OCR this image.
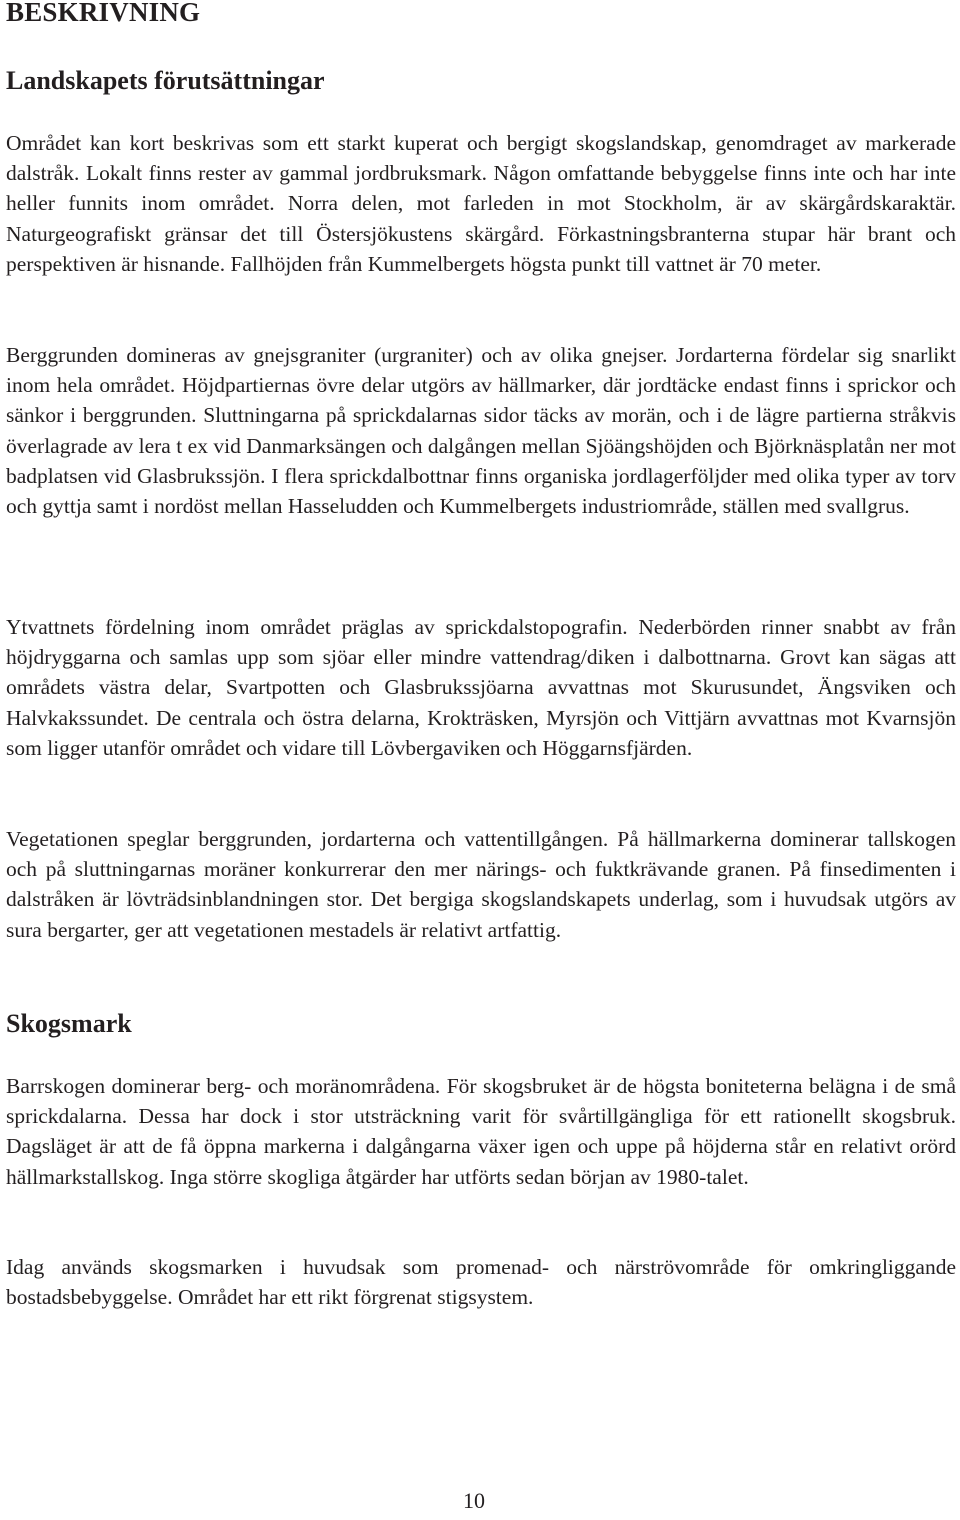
BESKRIVNING
Landskapets förutsättningar

Området kan kort beskrivas som ett starkt kuperat och bergigt skogslandskap, genomdraget av markerade dalstråk. Lokalt finns rester av gammal jordbruksmark. Någon omfattande bebyggelse finns inte och har inte heller funnits inom området. Norra delen, mot farleden in mot Stockholm, är av skärgårdskaraktär. Naturgeografiskt gränsar det till Östersjökustens skärgård. Förkastningsbranterna stupar här brant och perspektiven är hisnande. Fallhöjden från Kummelbergets högsta punkt till vattnet är 70 meter.

Berggrunden domineras av gnejsgraniter (urgraniter) och av olika gnejser. Jordarterna fördelar sig snarlikt inom hela området. Höjdpartiernas övre delar utgörs av hällmarker, där jordtäcke endast finns i sprickor och sänkor i berggrunden. Sluttningarna på sprickdalarnas sidor täcks av morän, och i de lägre partierna stråkvis överlagrade av lera t ex vid Danmarksängen och dalgången mellan Sjöängshöjden och Björknäsplatån ner mot badplatsen vid Glasbrukssjön. I flera sprickdalbottnar finns organiska jordlagerföljder med olika typer av torv och gyttja samt i nordöst mellan Hasseludden och Kummelbergets industriområde, ställen med svallgrus.

Ytvattnets fördelning inom området präglas av sprickdalstopografin. Nederbörden rinner snabbt av från höjdryggarna och samlas upp som sjöar eller mindre vattendrag/diken i dalbottnarna. Grovt kan sägas att områdets västra delar, Svartpotten och Glasbrukssjöarna avvattnas mot Skurusundet, Ängsviken och Halvkakssundet. De centrala och östra delarna, Krokträsken, Myrsjön och Vittjärn avvattnas mot Kvarnsjön som ligger utanför området och vidare till Lövbergaviken och Höggarnsfjärden.

Vegetationen speglar berggrunden, jordarterna och vattentillgången. På hällmarkerna dominerar tallskogen och på sluttningarnas moräner konkurrerar den mer närings- och fuktkrävande granen. På finsedimenten i dalstråken är lövträdsinblandningen stor. Det bergiga skogslandskapets underlag, som i huvudsak utgörs av sura bergarter, ger att vegetationen mestadels är relativt artfattig.

Skogsmark

Barrskogen dominerar berg- och moränområdena. För skogsbruket är de högsta boniteterna belägna i de små sprickdalarna. Dessa har dock i stor utsträckning varit för svårtillgängliga för ett rationellt skogsbruk. Dagsläget är att de få öppna markerna i dalgångarna växer igen och uppe på höjderna står en relativt orörd hällmarkstallskog. Inga större skogliga åtgärder har utförts sedan början av 1980-talet.

Idag används skogsmarken i huvudsak som promenad- och närströvområde för omkringliggande bostadsbebyggelse. Området har ett rikt förgrenat stigsystem.

10
